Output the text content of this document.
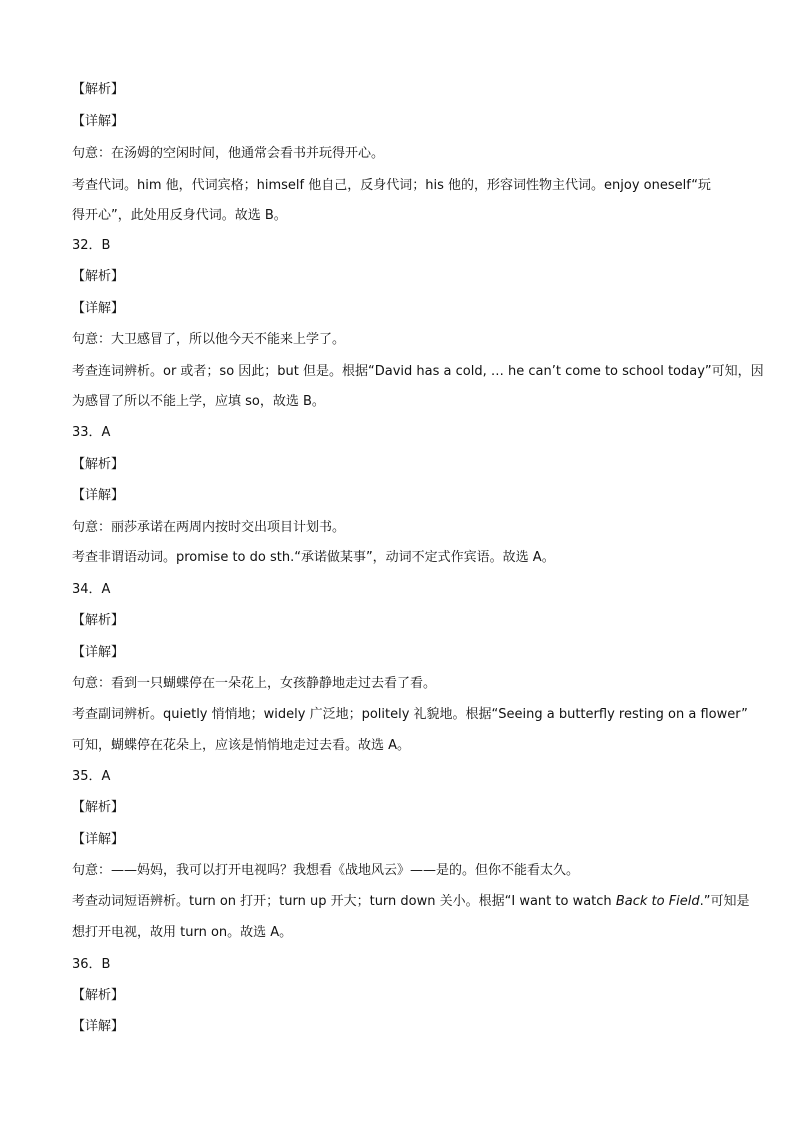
【解析】
【详解】
句意：在汤姆的空闲时间，他通常会看书并玩得开心。
考查代词。him 他，代词宾格；himself 他自己，反身代词；his 他的，形容词性物主代词。enjoy oneself“玩
得开心”，此处用反身代词。故选 B。
32．B
【解析】
【详解】
句意：大卫感冒了，所以他今天不能来上学了。
考查连词辨析。or 或者；so 因此；but 但是。根据“David has a cold, … he can’t come to school today”可知，因
为感冒了所以不能上学，应填 so，故选 B。
33．A
【解析】
【详解】
句意：丽莎承诺在两周内按时交出项目计划书。
考查非谓语动词。promise to do sth.“承诺做某事”，动词不定式作宾语。故选 A。
34．A
【解析】
【详解】
句意：看到一只蝴蝶停在一朵花上，女孩静静地走过去看了看。
考查副词辨析。quietly 悄悄地；widely 广泛地；politely 礼貌地。根据“Seeing a butterfly resting on a flower”
可知，蝴蝶停在花朵上，应该是悄悄地走过去看。故选 A。
35．A
【解析】
【详解】
句意：——妈妈，我可以打开电视吗？我想看《战地风云》——是的。但你不能看太久。
考查动词短语辨析。turn on 打开；turn up 开大；turn down 关小。根据“I want to watch Back to Field.”可知是
想打开电视，故用 turn on。故选 A。
36．B
【解析】
【详解】
